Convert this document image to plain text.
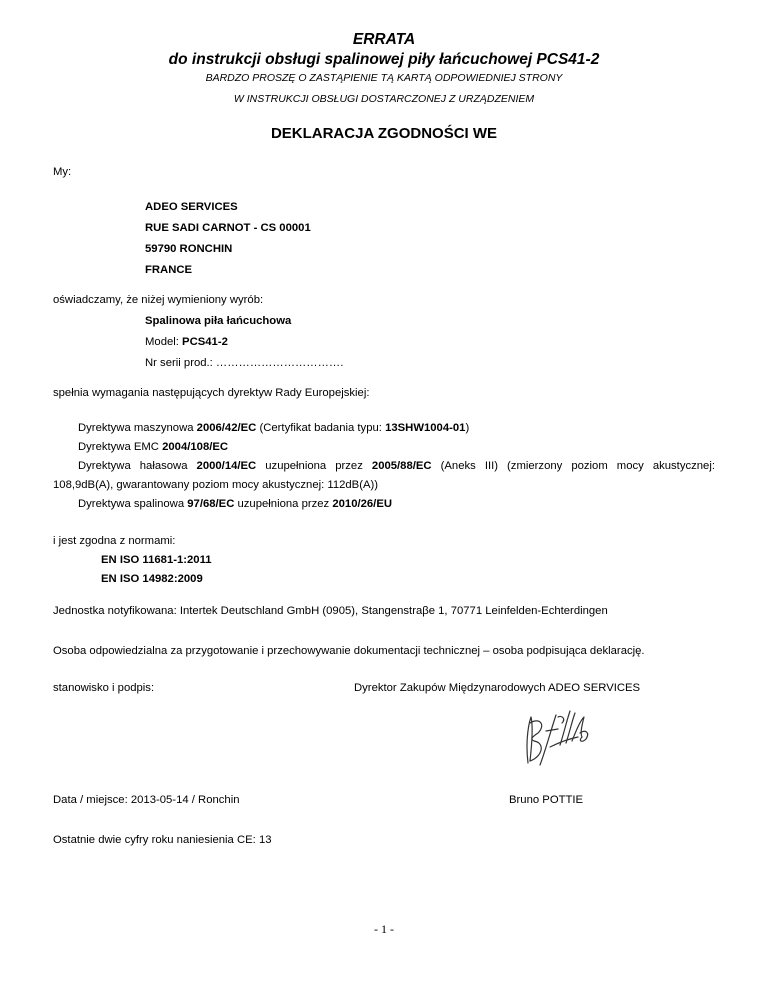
ERRATA
do instrukcji obsługi spalinowej piły łańcuchowej PCS41-2
BARDZO PROSZĘ O ZASTĄPIENIE TĄ KARTĄ ODPOWIEDNIEJ STRONY
W INSTRUKCJI OBSŁUGI DOSTARCZONEJ Z URZĄDZENIEM
DEKLARACJA ZGODNOŚCI WE
My:
ADEO SERVICES
RUE SADI CARNOT - CS 00001
59790 RONCHIN
FRANCE
oświadczamy, że niżej wymieniony wyrób:
Spalinowa piła łańcuchowa
Model: PCS41-2
Nr serii prod.: …………………………….
spełnia wymagania następujących dyrektyw Rady Europejskiej:
Dyrektywa maszynowa 2006/42/EC (Certyfikat badania typu: 13SHW1004-01)
Dyrektywa EMC 2004/108/EC
Dyrektywa hałasowa 2000/14/EC uzupełniona przez 2005/88/EC (Aneks III) (zmierzony poziom mocy akustycznej:
108,9dB(A), gwarantowany poziom mocy akustycznej: 112dB(A))
Dyrektywa spalinowa 97/68/EC uzupełniona przez 2010/26/EU
i jest zgodna z normami:
EN ISO 11681-1:2011
EN ISO 14982:2009
Jednostka notyfikowana: Intertek Deutschland GmbH (0905), Stangenstraβe 1, 70771 Leinfelden-Echterdingen
Osoba odpowiedzialna za przygotowanie i przechowywanie dokumentacji technicznej – osoba podpisująca deklarację.
stanowisko i podpis:	Dyrektor Zakupów Międzynarodowych ADEO SERVICES
Data / miejsce: 2013-05-14 / Ronchin	Bruno POTTIE
Ostatnie dwie cyfry roku naniesienia CE: 13
- 1 -
